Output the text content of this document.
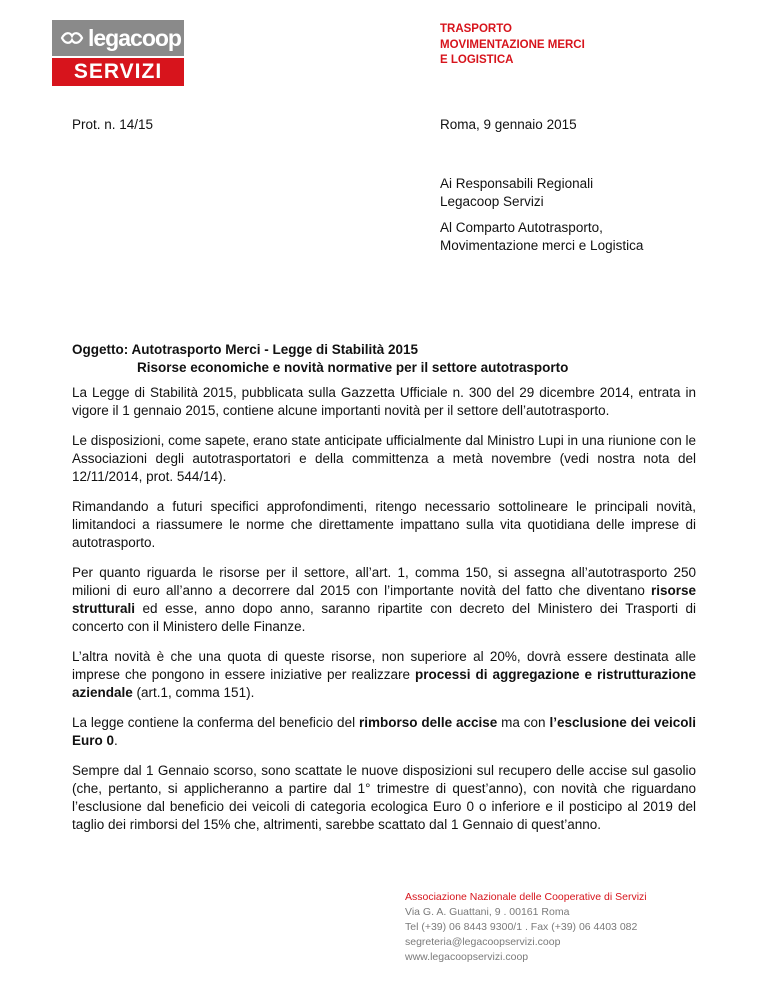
legacoop
SERVIZI
TRASPORTO
MOVIMENTAZIONE MERCI
E LOGISTICA
Prot. n. 14/15	Roma, 9 gennaio 2015
Ai Responsabili Regionali
Legacoop Servizi
Al Comparto Autotrasporto,
Movimentazione merci e Logistica
Oggetto: Autotrasporto Merci - Legge di Stabilità 2015
Risorse economiche e novità normative per il settore autotrasporto

La Legge di Stabilità 2015, pubblicata sulla Gazzetta Ufficiale n. 300 del 29 dicembre 2014, entrata in vigore il 1 gennaio 2015, contiene alcune importanti novità per il settore dell’autotrasporto.

Le disposizioni, come sapete, erano state anticipate ufficialmente dal Ministro Lupi in una riunione con le Associazioni degli autotrasportatori e della committenza a metà novembre (vedi nostra nota del 12/11/2014, prot. 544/14).

Rimandando a futuri specifici approfondimenti, ritengo necessario sottolineare le principali novità, limitandoci a riassumere le norme che direttamente impattano sulla vita quotidiana delle imprese di autotrasporto.

Per quanto riguarda le risorse per il settore, all’art. 1, comma 150, si assegna all’autotrasporto 250 milioni di euro all’anno a decorrere dal 2015 con l’importante novità del fatto che diventano risorse strutturali ed esse, anno dopo anno, saranno ripartite con decreto del Ministero dei Trasporti di concerto con il Ministero delle Finanze.

L’altra novità è che una quota di queste risorse, non superiore al 20%, dovrà essere destinata alle imprese che pongono in essere iniziative per realizzare processi di aggregazione e ristrutturazione aziendale (art.1, comma 151).

La legge contiene la conferma del beneficio del rimborso delle accise ma con l’esclusione dei veicoli Euro 0.

Sempre dal 1 Gennaio scorso, sono scattate le nuove disposizioni sul recupero delle accise sul gasolio (che, pertanto, si applicheranno a partire dal 1° trimestre di quest’anno), con novità che riguardano l’esclusione dal beneficio dei veicoli di categoria ecologica Euro 0 o inferiore e il posticipo al 2019 del taglio dei rimborsi del 15% che, altrimenti, sarebbe scattato dal 1 Gennaio di quest’anno.

Associazione Nazionale delle Cooperative di Servizi
Via G. A. Guattani, 9 . 00161 Roma
Tel (+39) 06 8443 9300/1 . Fax (+39) 06 4403 082
segreteria@legacoopservizi.coop
www.legacoopservizi.coop
